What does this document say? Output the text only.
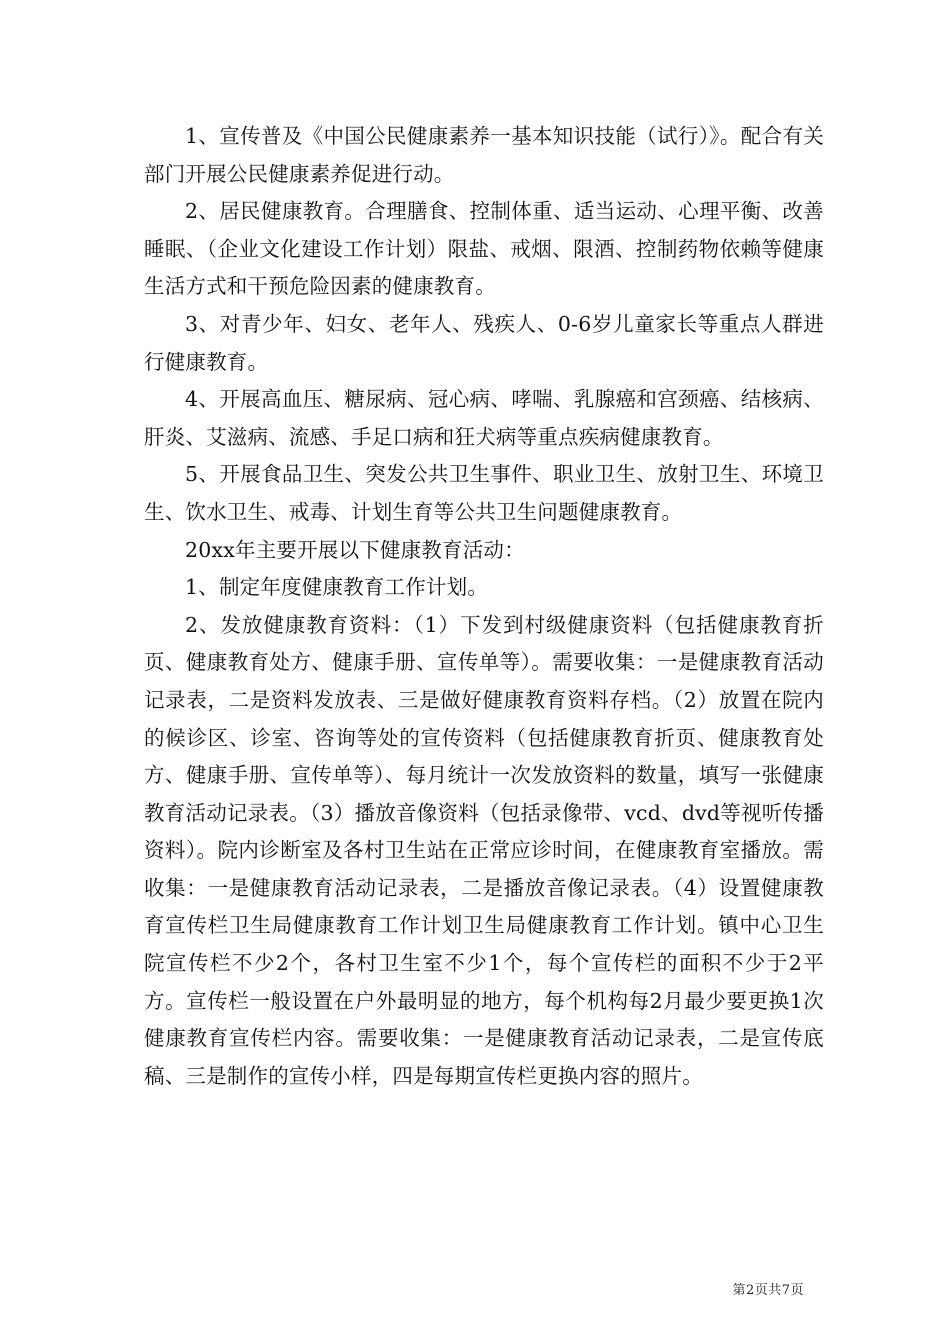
1、宣传普及《中国公民健康素养一基本知识技能（试行）》。配合有关部门开展公民健康素养促进行动。

2、居民健康教育。合理膳食、控制体重、适当运动、心理平衡、改善睡眠、（企业文化建设工作计划）限盐、戒烟、限酒、控制药物依赖等健康生活方式和干预危险因素的健康教育。

3、对青少年、妇女、老年人、残疾人、0-6岁儿童家长等重点人群进行健康教育。

4、开展高血压、糖尿病、冠心病、哮喘、乳腺癌和宫颈癌、结核病、肝炎、艾滋病、流感、手足口病和狂犬病等重点疾病健康教育。

5、开展食品卫生、突发公共卫生事件、职业卫生、放射卫生、环境卫生、饮水卫生、戒毒、计划生育等公共卫生问题健康教育。

20xx年主要开展以下健康教育活动：

1、制定年度健康教育工作计划。

2、发放健康教育资料：（1）下发到村级健康资料（包括健康教育折页、健康教育处方、健康手册、宣传单等）。需要收集：一是健康教育活动记录表，二是资料发放表、三是做好健康教育资料存档。（2）放置在院内的候诊区、诊室、咨询等处的宣传资料（包括健康教育折页、健康教育处方、健康手册、宣传单等）、每月统计一次发放资料的数量，填写一张健康教育活动记录表。（3）播放音像资料（包括录像带、vcd、dvd等视听传播资料）。院内诊断室及各村卫生站在正常应诊时间，在健康教育室播放。需收集：一是健康教育活动记录表，二是播放音像记录表。（4）设置健康教育宣传栏卫生局健康教育工作计划卫生局健康教育工作计划。镇中心卫生院宣传栏不少2个，各村卫生室不少1个，每个宣传栏的面积不少于2平方。宣传栏一般设置在户外最明显的地方，每个机构每2月最少要更换1次健康教育宣传栏内容。需要收集：一是健康教育活动记录表，二是宣传底稿、三是制作的宣传小样，四是每期宣传栏更换内容的照片。

第2页共7页
